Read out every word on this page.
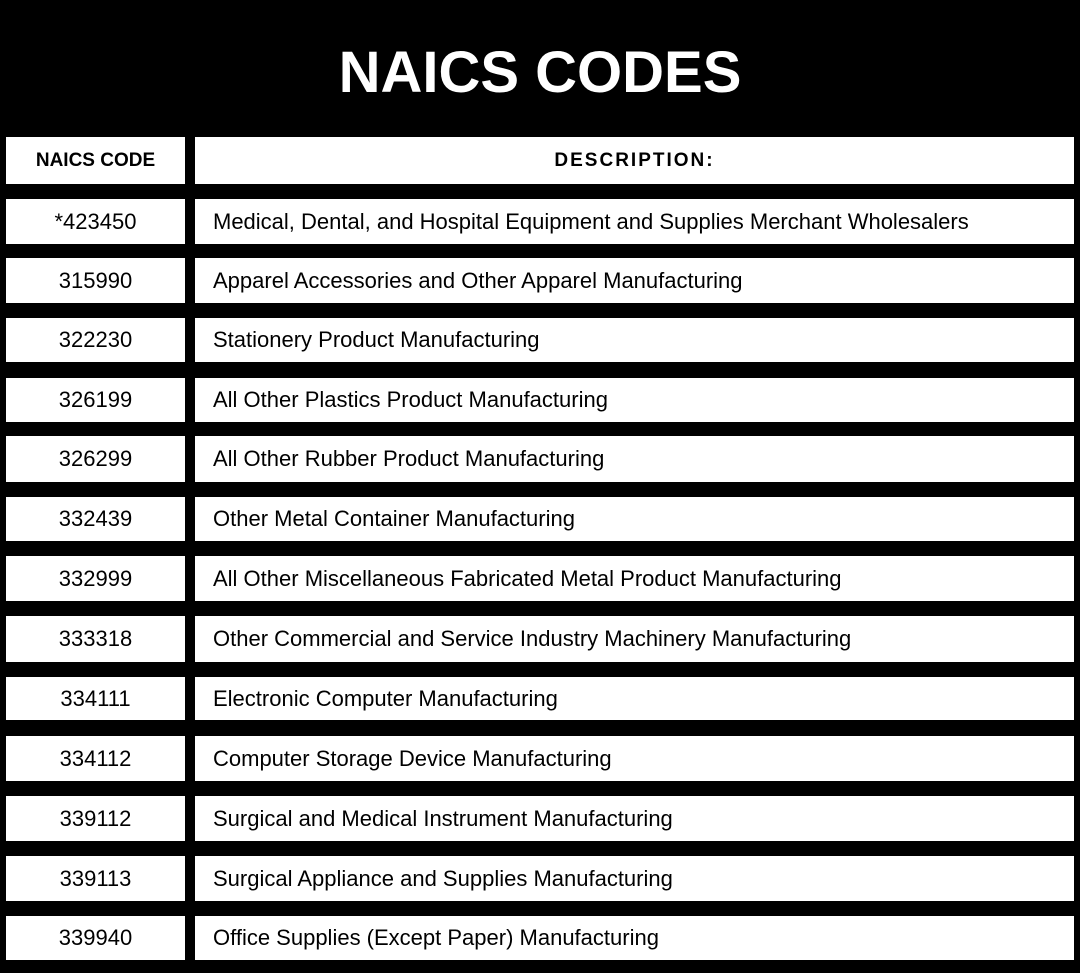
NAICS CODES
NAICS CODE	DESCRIPTION:
*423450	Medical, Dental, and Hospital Equipment and Supplies Merchant Wholesalers
315990	Apparel Accessories and Other Apparel Manufacturing
322230	Stationery Product Manufacturing
326199	All Other Plastics Product Manufacturing
326299	All Other Rubber Product Manufacturing
332439	Other Metal Container Manufacturing
332999	All Other Miscellaneous Fabricated Metal Product Manufacturing
333318	Other Commercial and Service Industry Machinery Manufacturing
334111	Electronic Computer Manufacturing
334112	Computer Storage Device Manufacturing
339112	Surgical and Medical Instrument Manufacturing
339113	Surgical Appliance and Supplies Manufacturing
339940	Office Supplies (Except Paper) Manufacturing
